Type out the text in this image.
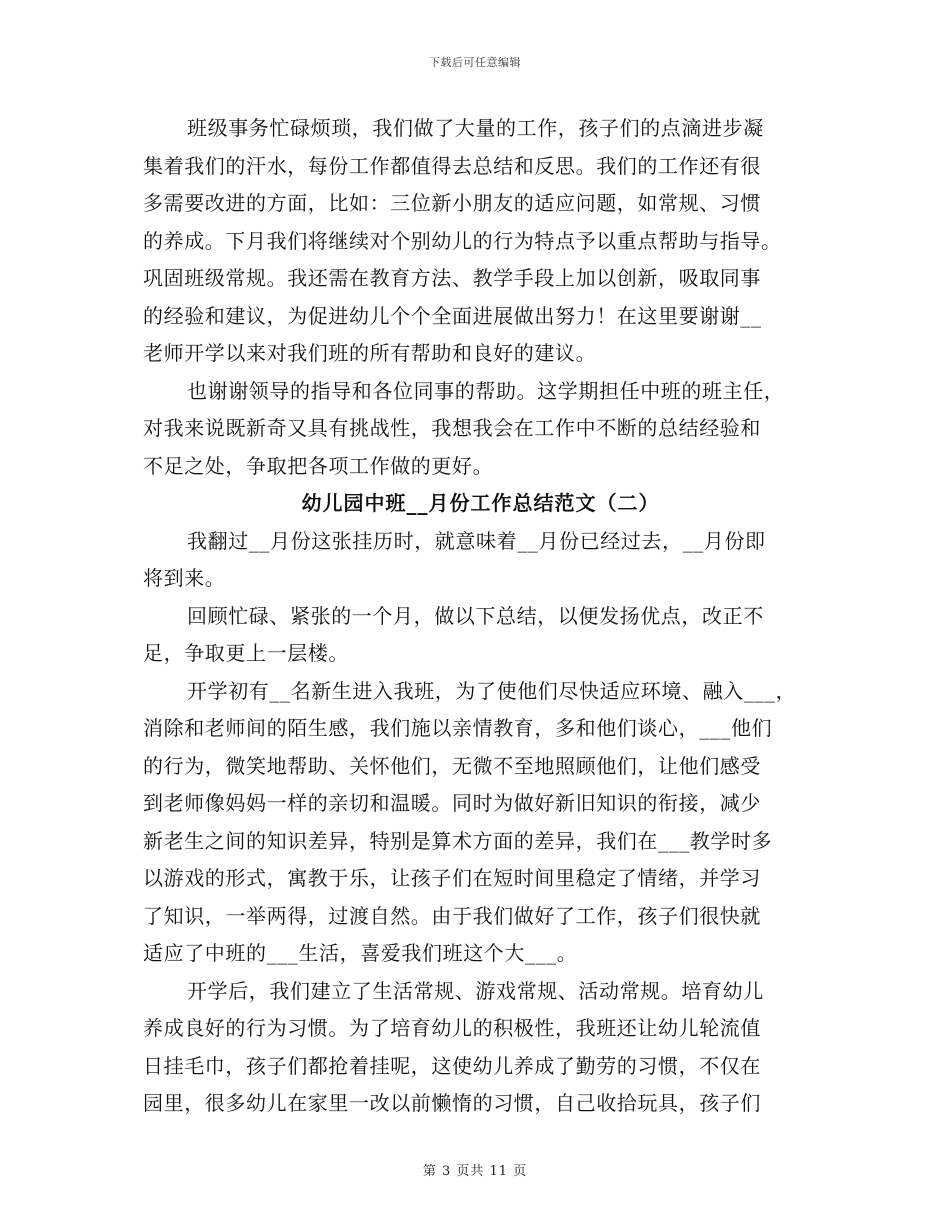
下载后可任意编辑
班级事务忙碌烦琐，我们做了大量的工作，孩子们的点滴进步凝
集着我们的汗水，每份工作都值得去总结和反思。我们的工作还有很
多需要改进的方面，比如：三位新小朋友的适应问题，如常规、习惯
的养成。下月我们将继续对个别幼儿的行为特点予以重点帮助与指导。
巩固班级常规。我还需在教育方法、教学手段上加以创新，吸取同事
的经验和建议，为促进幼儿个个全面进展做出努力！在这里要谢谢__
老师开学以来对我们班的所有帮助和良好的建议。
也谢谢领导的指导和各位同事的帮助。这学期担任中班的班主任，
对我来说既新奇又具有挑战性，我想我会在工作中不断的总结经验和
不足之处，争取把各项工作做的更好。
幼儿园中班__月份工作总结范文（二）
我翻过__月份这张挂历时，就意味着__月份已经过去，__月份即
将到来。
回顾忙碌、紧张的一个月，做以下总结，以便发扬优点，改正不
足，争取更上一层楼。
开学初有__名新生进入我班，为了使他们尽快适应环境、融入___，
消除和老师间的陌生感，我们施以亲情教育，多和他们谈心，___他们
的行为，微笑地帮助、关怀他们，无微不至地照顾他们，让他们感受
到老师像妈妈一样的亲切和温暖。同时为做好新旧知识的衔接，减少
新老生之间的知识差异，特别是算术方面的差异，我们在___教学时多
以游戏的形式，寓教于乐，让孩子们在短时间里稳定了情绪，并学习
了知识，一举两得，过渡自然。由于我们做好了工作，孩子们很快就
适应了中班的___生活，喜爱我们班这个大___。
开学后，我们建立了生活常规、游戏常规、活动常规。培育幼儿
养成良好的行为习惯。为了培育幼儿的积极性，我班还让幼儿轮流值
日挂毛巾，孩子们都抢着挂呢，这使幼儿养成了勤劳的习惯，不仅在
园里，很多幼儿在家里一改以前懒惰的习惯，自己收拾玩具，孩子们
第 3 页共 11 页
